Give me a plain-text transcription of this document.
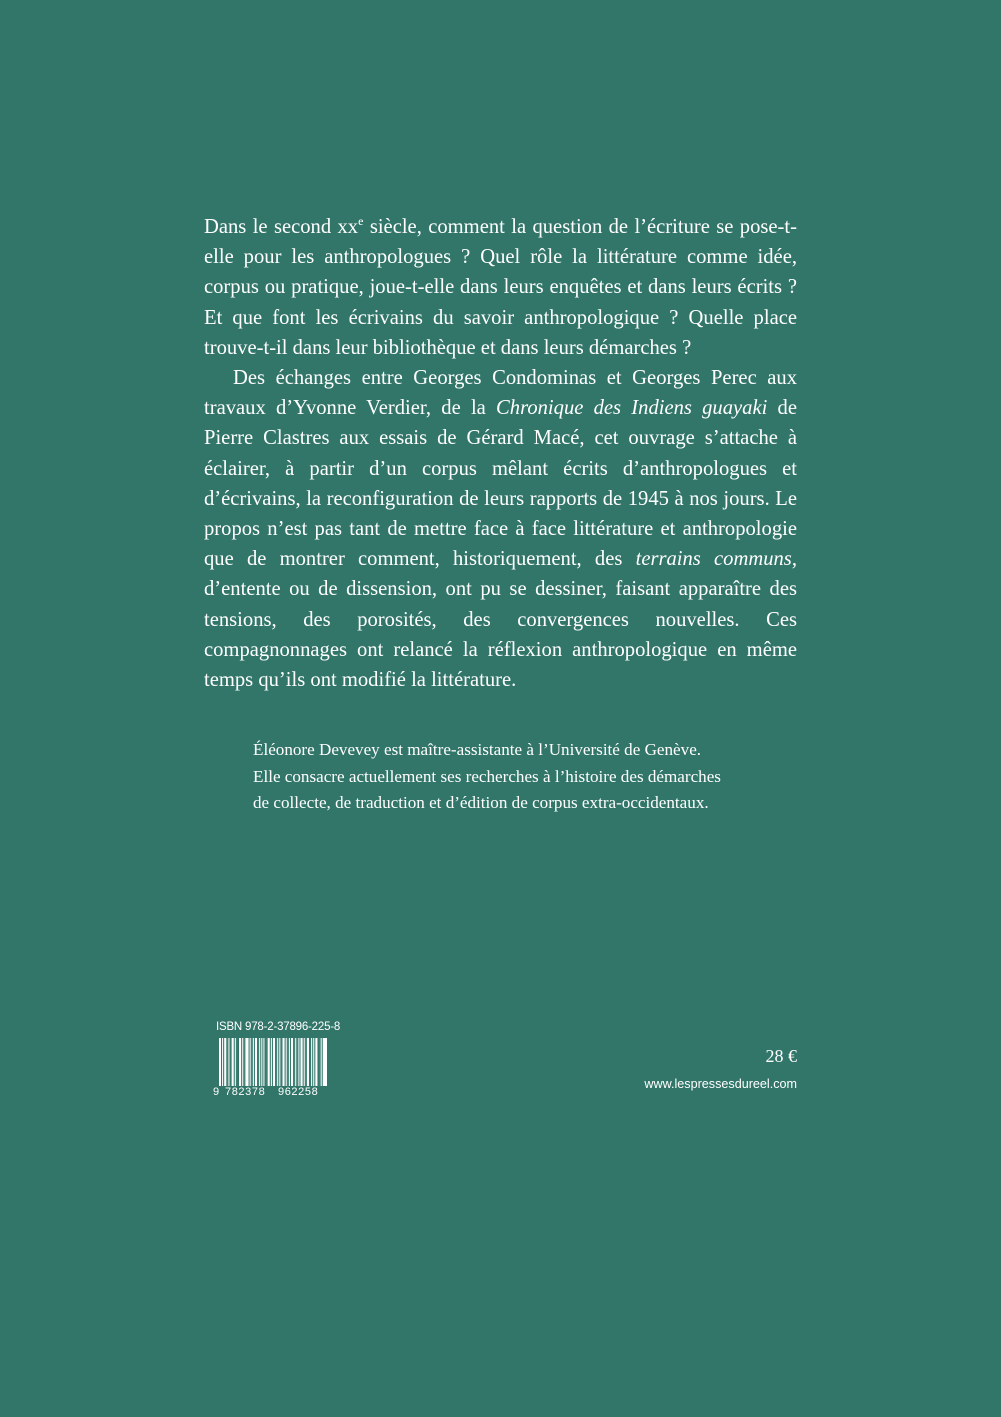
Dans le second $xx^e$ siècle, comment la question de l’écriture se pose-t-elle pour les anthropologues ? Quel rôle la littérature comme idée, corpus ou pratique, joue-t-elle dans leurs enquêtes et dans leurs écrits ? Et que font les écrivains du savoir anthropologique ? Quelle place trouve-t-il dans leur bibliothèque et dans leurs démarches ?

Des échanges entre Georges Condominas et Georges Perec aux travaux d’Yvonne Verdier, de la Chronique des Indiens guayaki de Pierre Clastres aux essais de Gérard Macé, cet ouvrage s’attache à éclairer, à partir d’un corpus mêlant écrits d’anthropologues et d’écrivains, la reconfiguration de leurs rapports de 1945 à nos jours. Le propos n’est pas tant de mettre face à face littérature et anthropologie que de montrer comment, historiquement, des terrains communs, d’entente ou de dissension, ont pu se dessiner, faisant apparaître des tensions, des porosités, des convergences nouvelles. Ces compagnonnages ont relancé la réflexion anthropologique en même temps qu’ils ont modifié la littérature.

Éléonore Devevey est maître-assistante à l’Université de Genève.

Elle consacre actuellement ses recherches à l’histoire des démarches

de collecte, de traduction et d’édition de corpus extra-occidentaux.

ISBN 978-2-37896-225-8
9 782378 962258
28 €
www.lespressesdureel.com
